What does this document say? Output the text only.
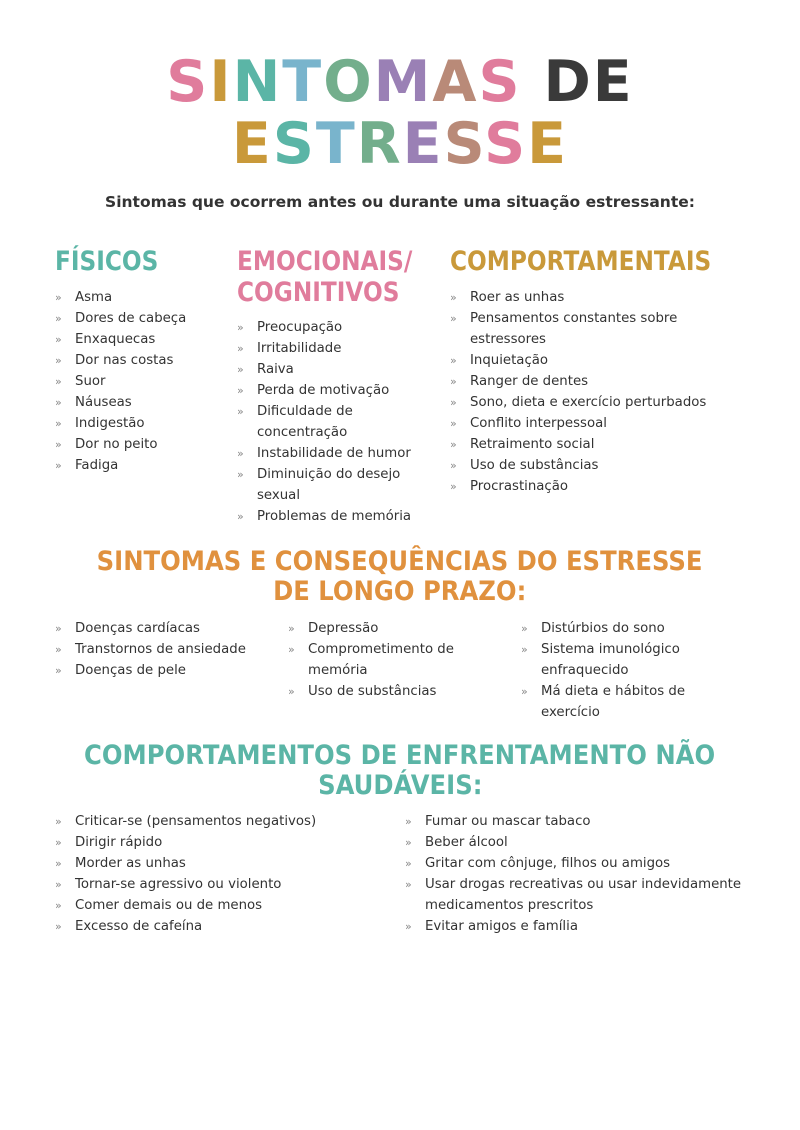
SINTOMAS DE
ESTRESSE
Sintomas que ocorrem antes ou durante uma situação estressante:
FÍSICOS
» Asma
» Dores de cabeça
» Enxaquecas
» Dor nas costas
» Suor
» Náuseas
» Indigestão
» Dor no peito
» Fadiga
EMOCIONAIS/
COGNITIVOS
» Preocupação
» Irritabilidade
» Raiva
» Perda de motivação
» Dificuldade de concentração
» Instabilidade de humor
» Diminuição do desejo sexual
» Problemas de memória
COMPORTAMENTAIS
» Roer as unhas
» Pensamentos constantes sobre estressores
» Inquietação
» Ranger de dentes
» Sono, dieta e exercício perturbados
» Conflito interpessoal
» Retraimento social
» Uso de substâncias
» Procrastinação
SINTOMAS E CONSEQUÊNCIAS DO ESTRESSE
DE LONGO PRAZO:
» Doenças cardíacas
» Transtornos de ansiedade
» Doenças de pele
» Depressão
» Comprometimento de memória
» Uso de substâncias
» Distúrbios do sono
» Sistema imunológico enfraquecido
» Má dieta e hábitos de exercício
COMPORTAMENTOS DE ENFRENTAMENTO NÃO
SAUDÁVEIS:
» Criticar-se (pensamentos negativos)
» Dirigir rápido
» Morder as unhas
» Tornar-se agressivo ou violento
» Comer demais ou de menos
» Excesso de cafeína
» Fumar ou mascar tabaco
» Beber álcool
» Gritar com cônjuge, filhos ou amigos
» Usar drogas recreativas ou usar indevidamente medicamentos prescritos
» Evitar amigos e família
